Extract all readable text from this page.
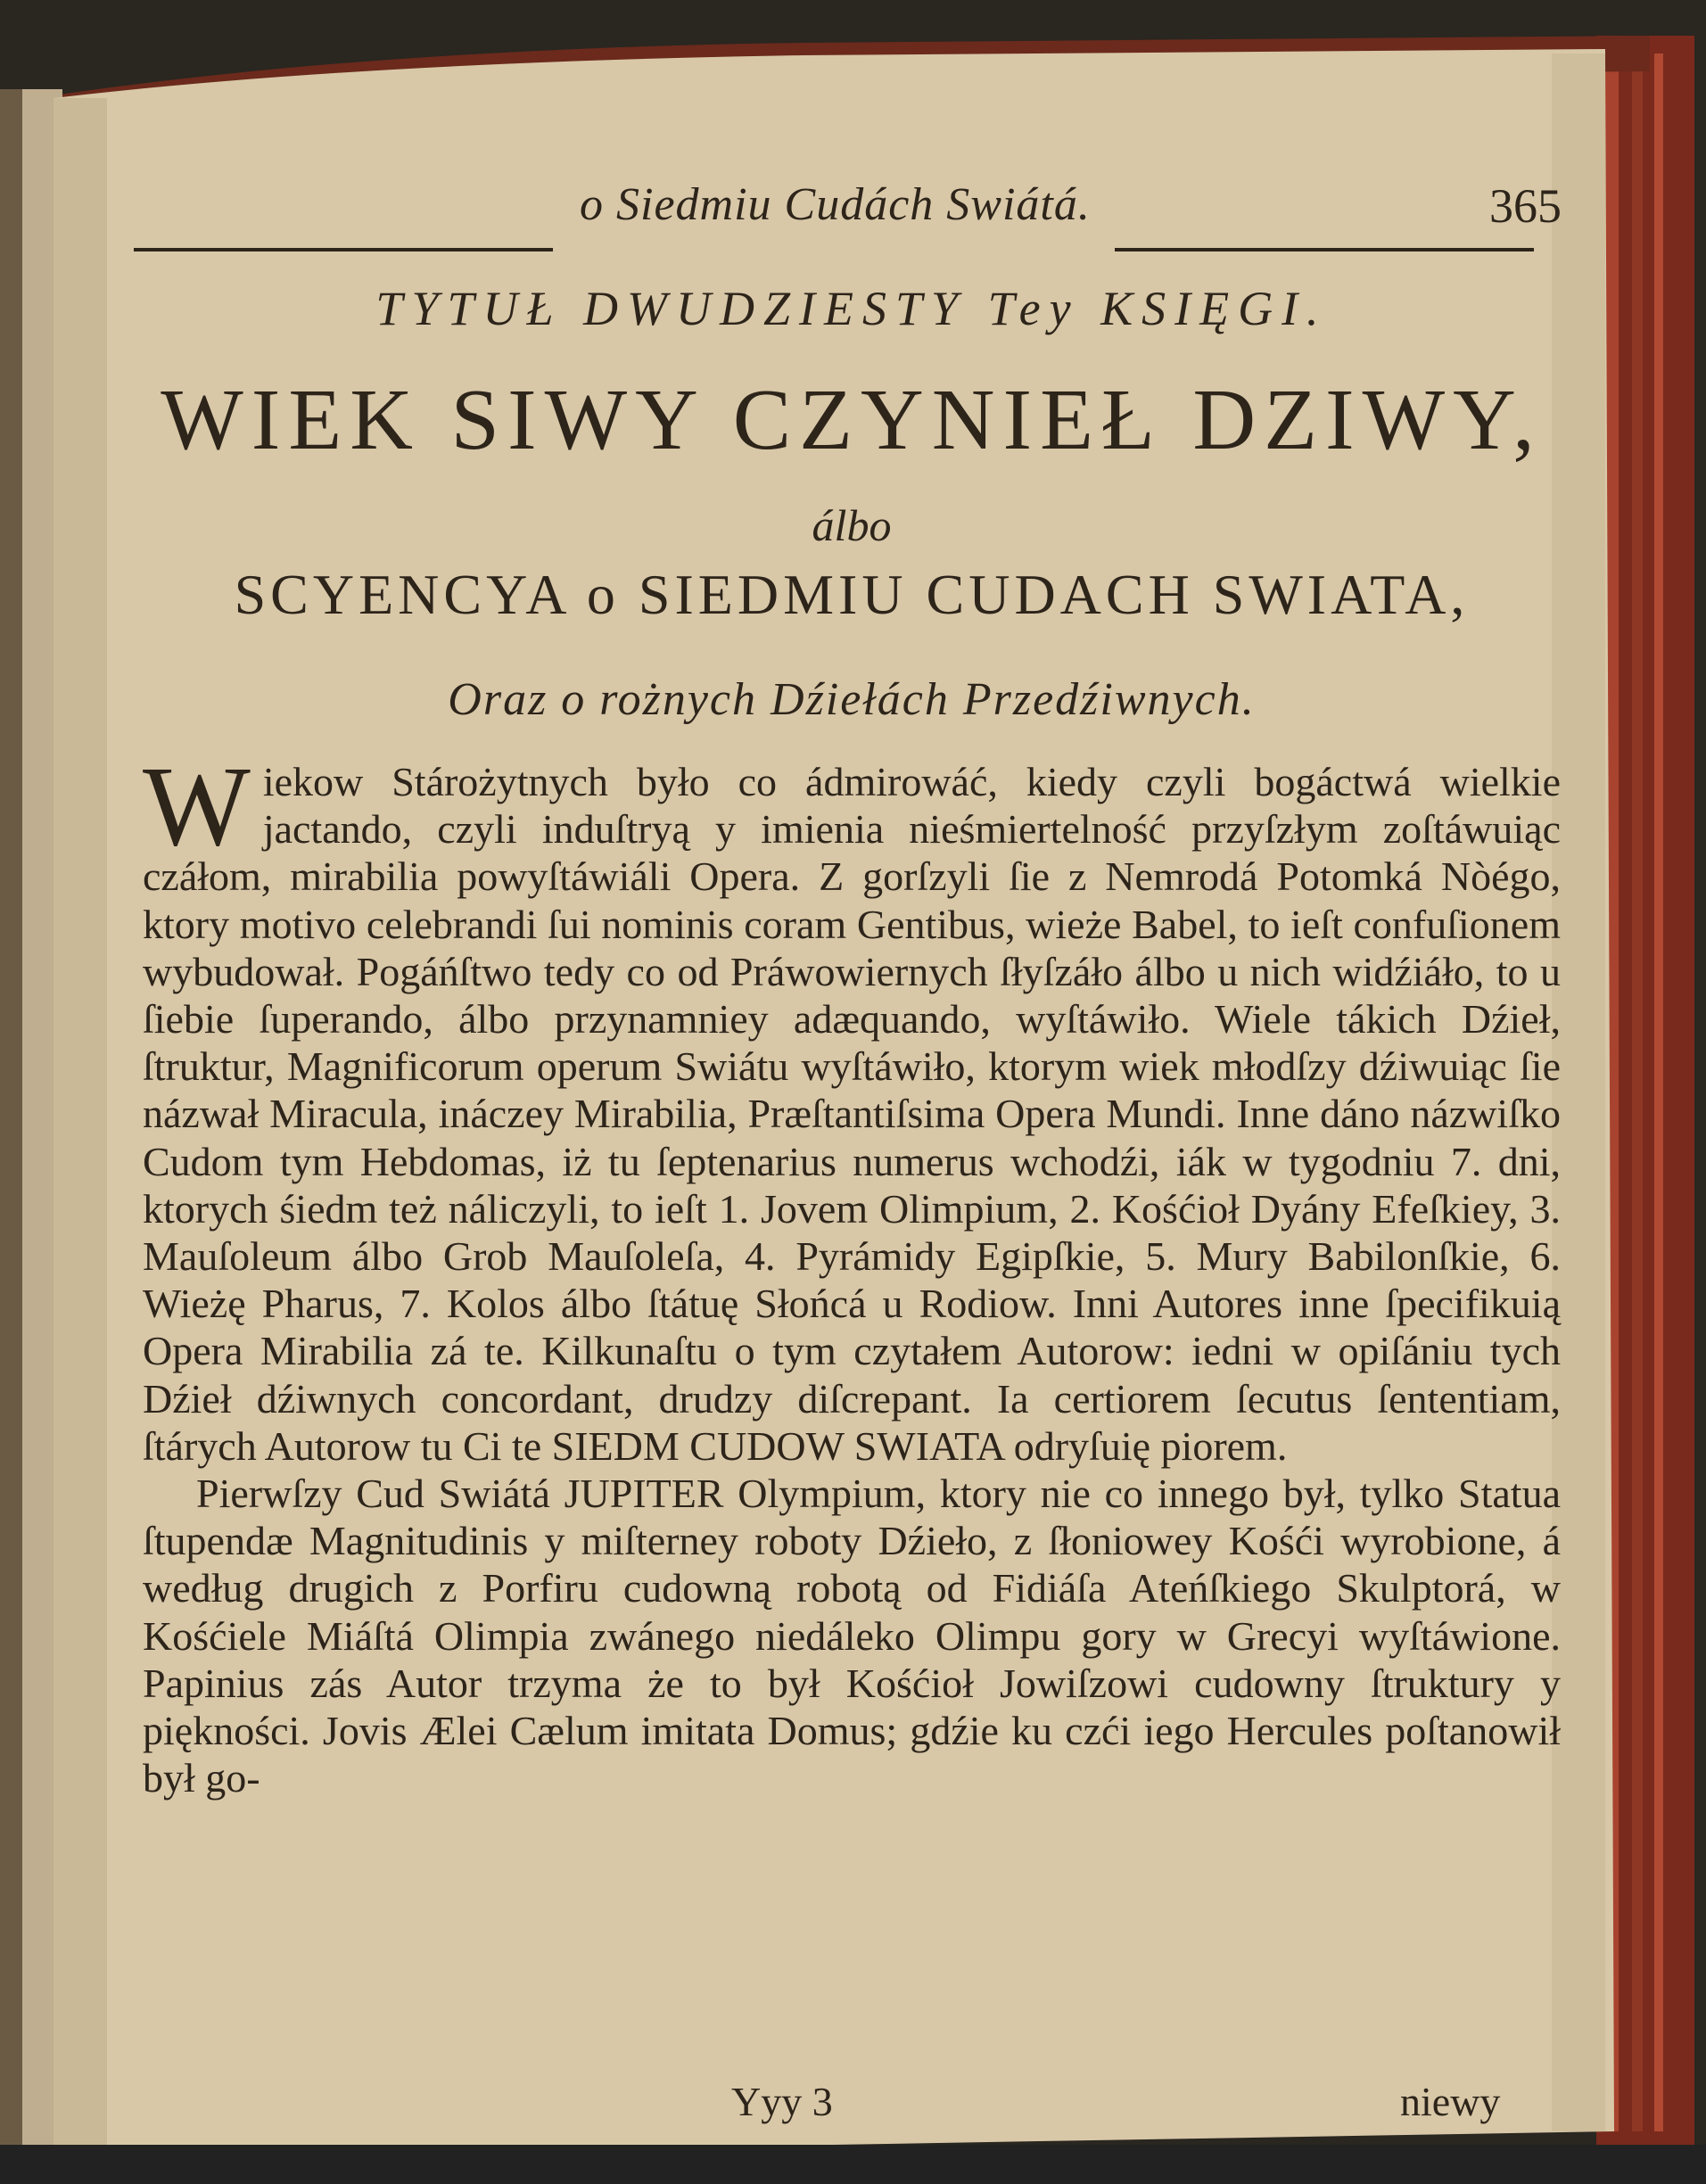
o Siedmiu Cudách Swiátá.	365
TYTUŁ DWUDZIESTY Tey KSIĘGI.
WIEK SIWY CZYNIEŁ DZIWY,
álbo
SCYENCYA o SIEDMIU CUDACH SWIATA,
Oraz o rożnych Dźiełách Przedźiwnych.

W iekow Stárożytnych było co ádmirowáć, kiedy czyli bogáctwá wielkie jactando, czyli induſtryą y imienia nieśmiertelność przyſzłym zoſtáwuiąc czáłom, mirabilia powyſtáwiáli Opera. Z gorſzyli ſie z Nemrodá Potomká Nòégo, ktory motivo celebrandi ſui nominis coram Gentibus, wieże Babel, to ieſt confuſionem wybudował. Pogáńſtwo tedy co od Práwowiernych ſłyſzáło álbo u nich widźiáło, to u ſiebie ſuperando, álbo przynamniey adæquando, wyſtáwiło. Wiele tákich Dźieł, ſtruktur, Magnificorum operum Swiátu wyſtáwiło, ktorym wiek młodſzy dźiwuiąc ſie názwał Miracula, ináczey Mirabilia, Præſtantiſsima Opera Mundi. Inne dáno názwiſko Cudom tym Hebdomas, iż tu ſeptenarius numerus wchodźi, iák w tygodniu 7. dni, ktorych śiedm też náliczyli, to ieſt 1. Jovem Olimpium, 2. Kośćioł Dyány Efeſkiey, 3. Mauſoleum álbo Grob Mauſoleſa, 4. Pyrámidy Egipſkie, 5. Mury Babilonſkie, 6. Wieżę Pharus, 7. Kolos álbo ſtátuę Słońcá u Rodiow. Inni Autores inne ſpecifikuią Opera Mirabilia zá te. Kilkunaſtu o tym czytałem Autorow: iedni w opiſániu tych Dźieł dźiwnych concordant, drudzy diſcrepant. Ia certiorem ſecutus ſententiam, ſtárych Autorow tu Ci te SIEDM CUDOW SWIATA odryſuię piorem.

Pierwſzy Cud Swiátá JUPITER Olympium, ktory nie co innego był, tylko Statua ſtupendæ Magnitudinis y miſterney roboty Dźieło, z ſłoniowey Kośći wyrobione, á według drugich z Porfiru cudowną robotą od Fidiáſa Ateńſkiego Skulptorá, w Kośćiele Miáſtá Olimpia zwánego niedáleko Olimpu gory w Grecyi wyſtáwione. Papinius zás Autor trzyma że to był Kośćioł Jowiſzowi cudowny ſtruktury y piękności. Jovis Ælei Cælum imitata Domus; gdźie ku czći iego Hercules poſtanowił był go-

Yyy 3	niewy
